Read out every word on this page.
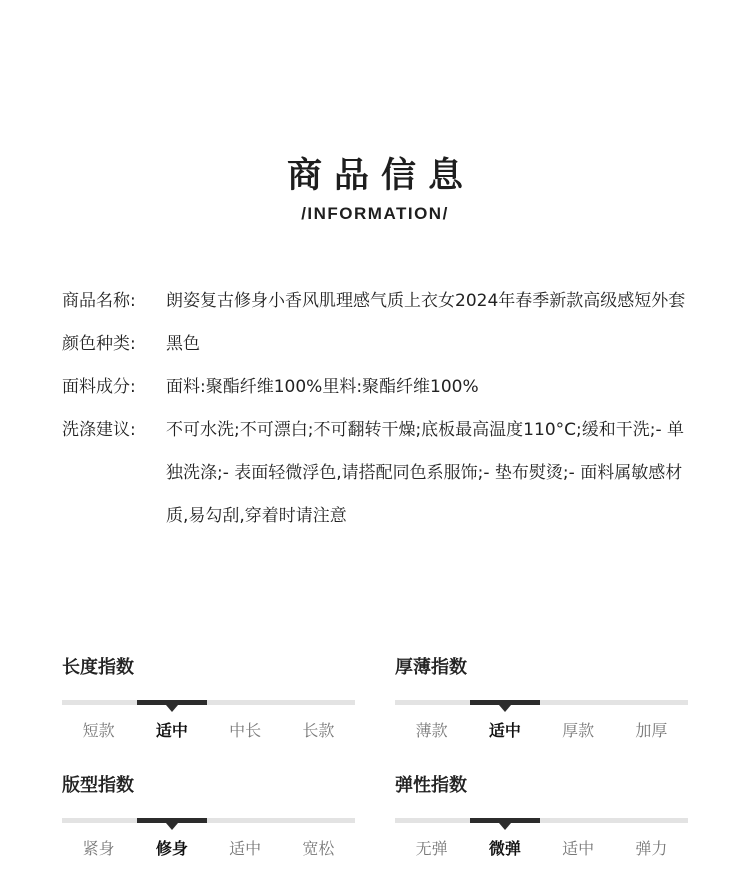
商品信息
/INFORMATION/
商品名称:	朗姿复古修身小香风肌理感气质上衣女2024年春季新款高级感短外套
颜色种类:	黑色
面料成分:	面料:聚酯纤维100%里料:聚酯纤维100%
洗涤建议:	不可水洗;不可漂白;不可翻转干燥;底板最高温度110°C;缓和干洗;- 单独洗涤;- 表面轻微浮色,请搭配同色系服饰;- 垫布熨烫;- 面料属敏感材质,易勾刮,穿着时请注意
长度指数
短款	适中	中长	长款
厚薄指数
薄款	适中	厚款	加厚
版型指数
紧身	修身	适中	宽松
弹性指数
无弹	微弹	适中	弹力
